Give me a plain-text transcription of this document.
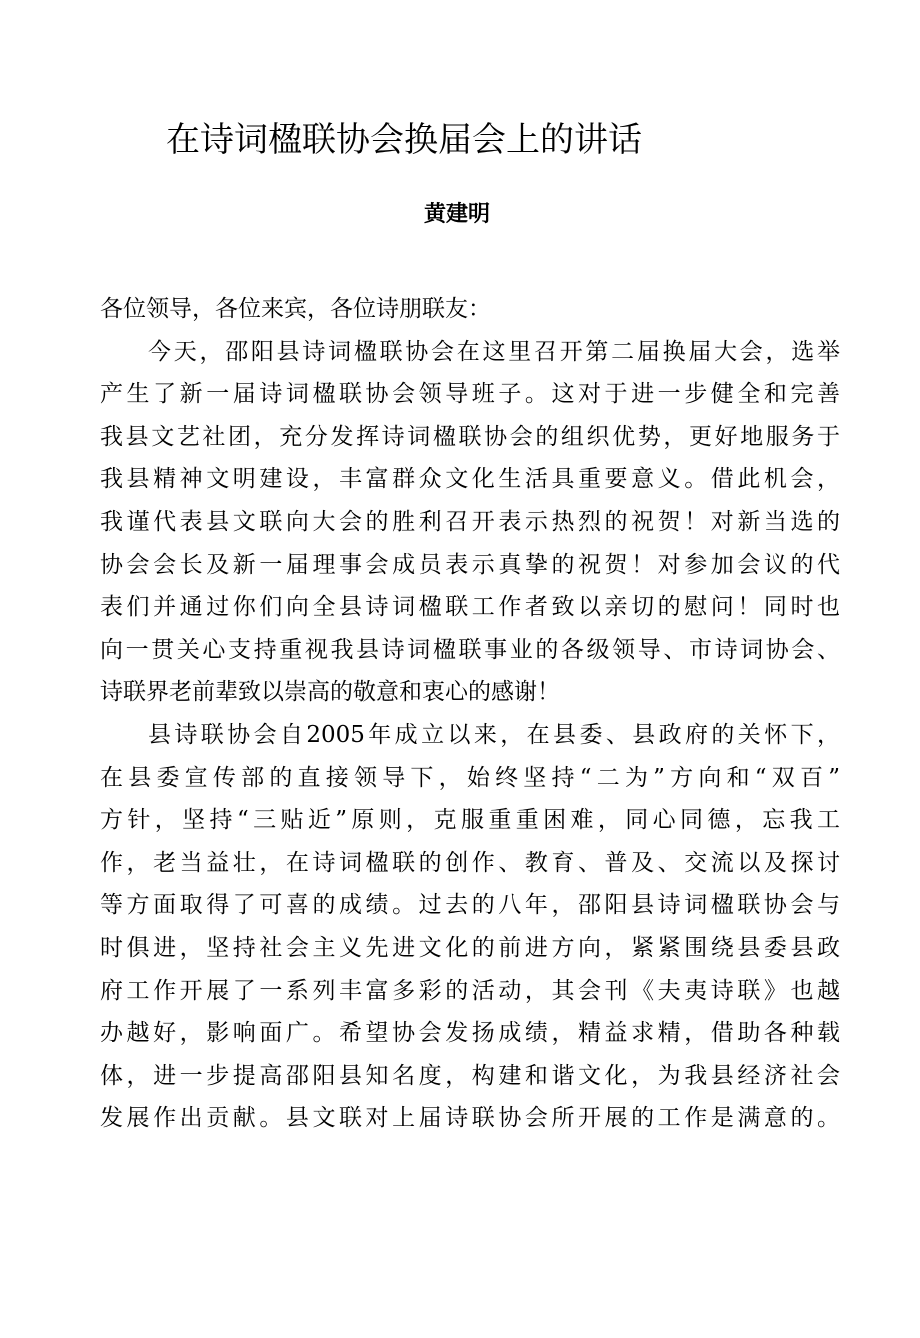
在诗词楹联协会换届会上的讲话
黄建明

各位领导，各位来宾，各位诗朋联友：

今天，邵阳县诗词楹联协会在这里召开第二届换届大会，选举

产生了新一届诗词楹联协会领导班子。这对于进一步健全和完善

我县文艺社团，充分发挥诗词楹联协会的组织优势，更好地服务于

我县精神文明建设，丰富群众文化生活具重要意义。借此机会，

我谨代表县文联向大会的胜利召开表示热烈的祝贺！对新当选的

协会会长及新一届理事会成员表示真挚的祝贺！对参加会议的代

表们并通过你们向全县诗词楹联工作者致以亲切的慰问！同时也

向一贯关心支持重视我县诗词楹联事业的各级领导、市诗词协会、

诗联界老前辈致以崇高的敬意和衷心的感谢！

县诗联协会自2005年成立以来，在县委、县政府的关怀下，

在县委宣传部的直接领导下，始终坚持“二为”方向和“双百”

方针，坚持“三贴近”原则，克服重重困难，同心同德，忘我工

作，老当益壮，在诗词楹联的创作、教育、普及、交流以及探讨

等方面取得了可喜的成绩。过去的八年，邵阳县诗词楹联协会与

时俱进，坚持社会主义先进文化的前进方向，紧紧围绕县委县政

府工作开展了一系列丰富多彩的活动，其会刊《夫夷诗联》也越

办越好，影响面广。希望协会发扬成绩，精益求精，借助各种载

体，进一步提高邵阳县知名度，构建和谐文化，为我县经济社会

发展作出贡献。县文联对上届诗联协会所开展的工作是满意的。
